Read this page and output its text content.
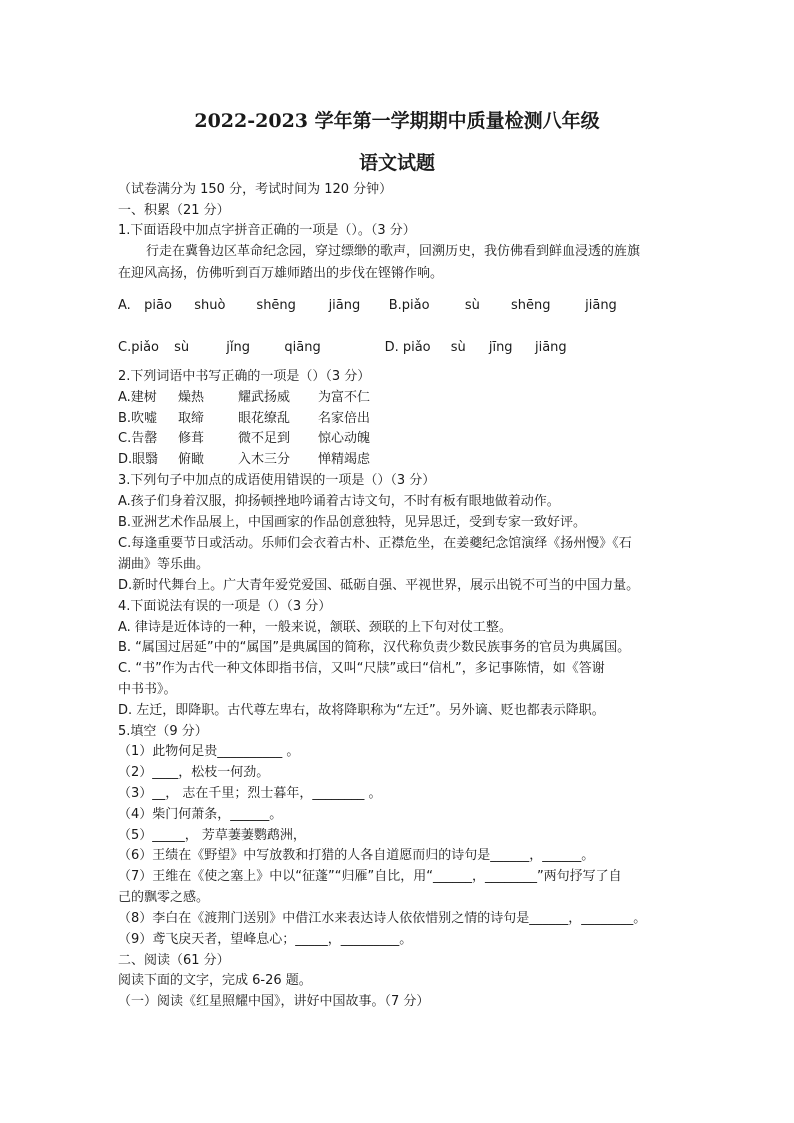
2022-2023 学年第一学期期中质量检测八年级
语文试题
（试卷满分为 150 分，考试时间为 120 分钟）
一、积累（21 分）
1.下面语段中加点字拼音正确的一项是（）。（3 分）
行走在冀鲁边区革命纪念园，穿过缥缈的歌声，回溯历史，我仿佛看到鲜血浸透的旌旗
在迎风高扬，仿佛听到百万雄师踏出的步伐在铿锵作响。
A. piāo shuò shēng	jiāng B.piǎo	sù shēng	jiāng
C.piǎo sù	jǐng	qiāng	D. piǎo sù jīng jiāng
2.下列词语中书写正确的一项是（）（3 分）
A.建树 燥热	耀武扬威 为富不仁
B.吹嘘 取缔	眼花缭乱 名家倍出
C.告罄 修葺	微不足到 惊心动魄
D.眼翳 俯瞰	入木三分 惮精竭虑
3.下列句子中加点的成语使用错误的一项是（）（3 分）
A.孩子们身着汉服，抑扬顿挫地吟诵着古诗文句，不时有板有眼地做着动作。
B.亚洲艺术作品展上，中国画家的作品创意独特，见异思迁，受到专家一致好评。
C.每逢重要节日或活动。乐师们会衣着古朴、正襟危坐，在姜夔纪念馆演绎《扬州慢》《石
湖曲》等乐曲。
D.新时代舞台上。广大青年爱党爱国、砥砺自强、平视世界，展示出锐不可当的中国力量。
4.下面说法有误的一项是（）（3 分）
A. 律诗是近体诗的一种，一般来说，颔联、颈联的上下句对仗工整。
B. “属国过居延”中的“属国”是典属国的简称，汉代称负责少数民族事务的官员为典属国。
C. “书”作为古代一种文体即指书信，又叫“尺牍”或曰“信札”，多记事陈情，如《答谢
中书书》。
D. 左迁，即降职。古代尊左卑右，故将降职称为“左迁”。另外谪、贬也都表示降职。
5.填空（9 分）
（1）此物何足贵__________ 。
（2）____，松枝一何劲。
（3）__， 志在千里；烈士暮年，________ 。
（4）柴门何萧条，______。
（5）_____， 芳草萋萋鹦鹉洲，
（6）王绩在《野望》中写放教和打猎的人各自道愿而归的诗句是______，______。
（7）王维在《使之塞上》中以“征蓬”“归雁”自比，用“______，________”两句抒写了自
己的飘零之感。
（8）李白在《渡荆门送别》中借江水来表达诗人依依惜别之情的诗句是______，________。
（9）鸢飞戾天者，望峰息心；_____，_________。
二、阅读（61 分）
阅读下面的文字，完成 6-26 题。
（一）阅读《红星照耀中国》，讲好中国故事。（7 分）
